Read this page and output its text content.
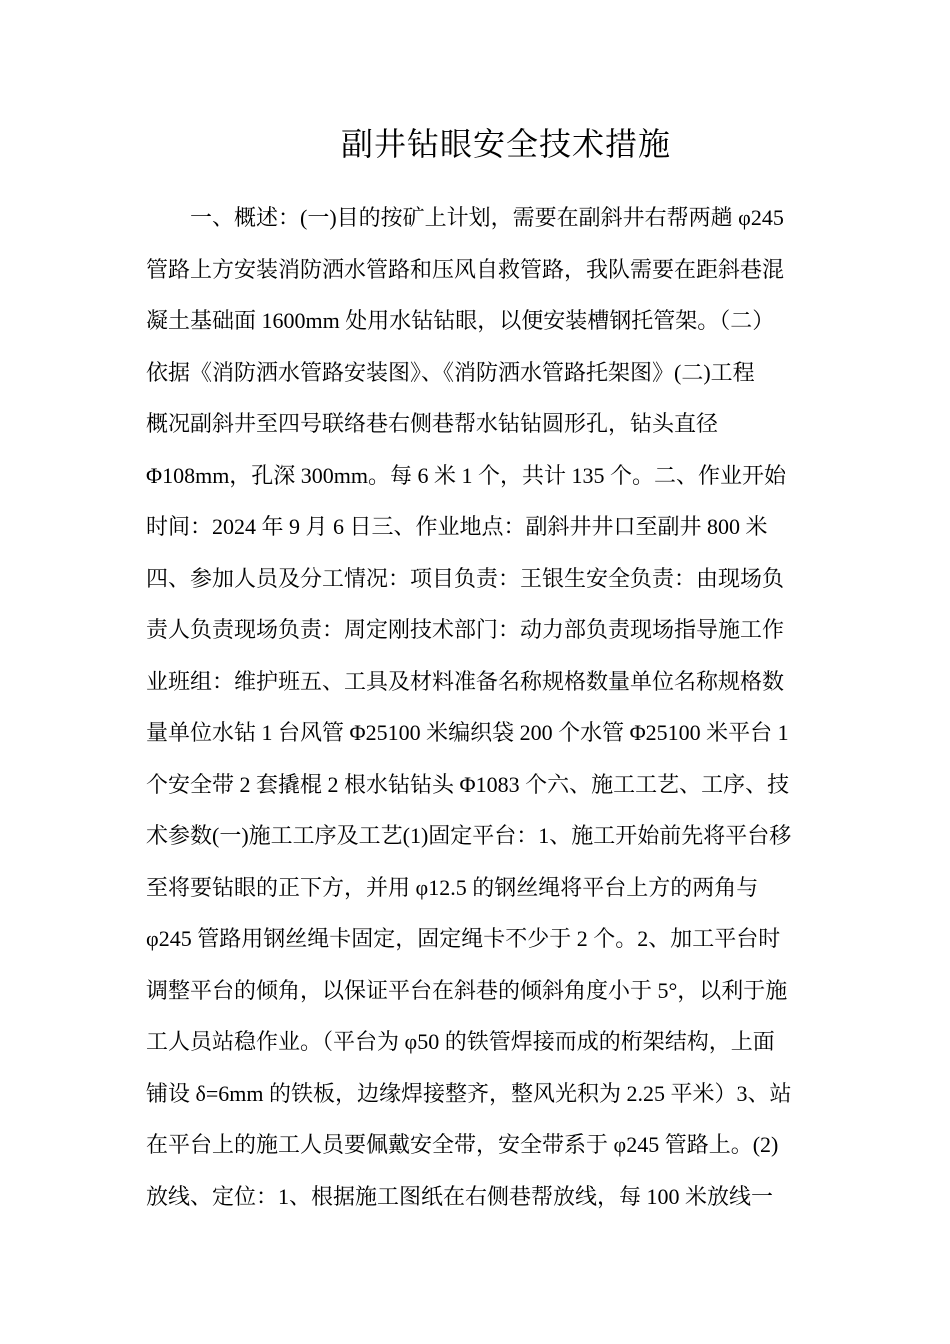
副井钻眼安全技术措施
一、概述：(一)目的按矿上计划，需要在副斜井右帮两趟 φ245
管路上方安装消防洒水管路和压风自救管路，我队需要在距斜巷混
凝土基础面 1600mm 处用水钻钻眼，以便安装槽钢托管架。（二）
依据《消防洒水管路安装图》、《消防洒水管路托架图》(二)工程
概况副斜井至四号联络巷右侧巷帮水钻钻圆形孔，钻头直径
Φ108mm，孔深 300mm。每 6 米 1 个，共计 135 个。二、作业开始
时间：2024 年 9 月 6 日三、作业地点：副斜井井口至副井 800 米
四、参加人员及分工情况：项目负责：王银生安全负责：由现场负
责人负责现场负责：周定刚技术部门：动力部负责现场指导施工作
业班组：维护班五、工具及材料准备名称规格数量单位名称规格数
量单位水钻 1 台风管 Φ25100 米编织袋 200 个水管 Φ25100 米平台 1
个安全带 2 套撬棍 2 根水钻钻头 Φ1083 个六、施工工艺、工序、技
术参数(一)施工工序及工艺(1)固定平台：1、施工开始前先将平台移
至将要钻眼的正下方，并用 φ12.5 的钢丝绳将平台上方的两角与
φ245 管路用钢丝绳卡固定，固定绳卡不少于 2 个。2、加工平台时
调整平台的倾角，以保证平台在斜巷的倾斜角度小于 5°，以利于施
工人员站稳作业。（平台为 φ50 的铁管焊接而成的桁架结构，上面
铺设 δ=6mm 的铁板，边缘焊接整齐，整风光积为 2.25 平米）3、站
在平台上的施工人员要佩戴安全带，安全带系于 φ245 管路上。(2)
放线、定位：1、根据施工图纸在右侧巷帮放线，每 100 米放线一
